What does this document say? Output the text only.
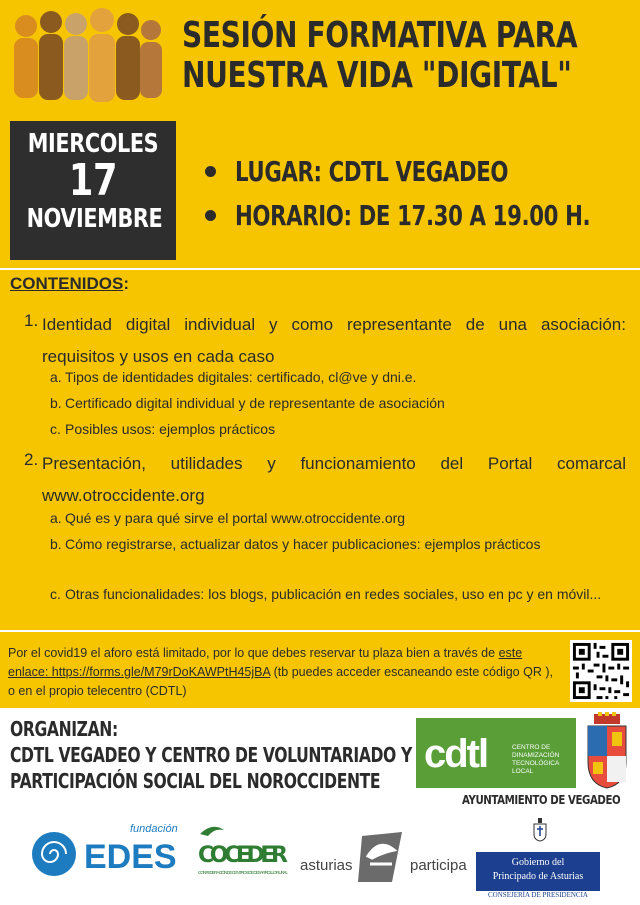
SESIÓN FORMATIVA PARA
NUESTRA VIDA "DIGITAL"
MIERCOLES
17
NOVIEMBRE
LUGAR: CDTL VEGADEO
HORARIO: DE 17.30 A 19.00 H.
CONTENIDOS:
1. Identidad digital individual y como representante de una asociación: requisitos y usos en cada caso
a. Tipos de identidades digitales: certificado, cl@ve y dni.e.
b. Certificado digital individual y de representante de asociación
c. Posibles usos: ejemplos prácticos
2. Presentación, utilidades y funcionamiento del Portal comarcal www.otroccidente.org
a. Qué es y para qué sirve el portal www.otroccidente.org
b. Cómo registrarse, actualizar datos y hacer publicaciones: ejemplos prácticos
c. Otras funcionalidades: los blogs, publicación en redes sociales, uso en pc y en móvil...
Por el covid19 el aforo está limitado, por lo que debes reservar tu plaza bien a través de este enlace: https://forms.gle/M79rDoKAWPtH45jBA (tb puedes acceder escaneando este código QR ), o en el propio telecentro (CDTL)
ORGANIZAN:
CDTL VEGADEO Y CENTRO DE VOLUNTARIADO Y
PARTICIPACIÓN SOCIAL DEL NOROCCIDENTE
cdtl	CENTRO DE DINAMIZACIÓN TECNOLÓGICA LOCAL
AYUNTAMIENTO DE VEGADEO
fundación
EDES COCEDER
CONFEDERACIÓN DE CENTROS DE DESARROLLO RURAL asturias	participa	Gobierno del
Principado de Asturias
CONSEJERÍA DE PRESIDENCIA
